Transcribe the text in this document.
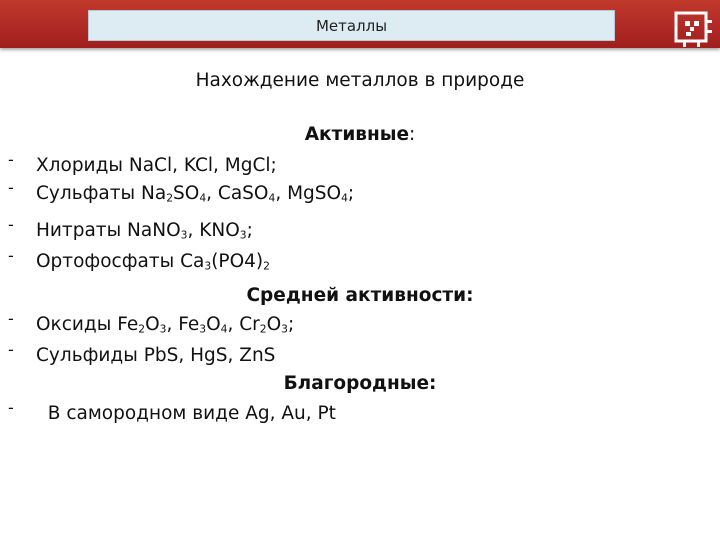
Металлы
Нахождение металлов в природе
Активные:
- Хлориды NaCl, KCl, MgCl;
- Сульфаты $Na_2SO_4$, CaSO$_4$, MgSO$_4$;
- Нитраты NaNO$_3$, $KNO_3$;
- Ортофосфаты $Ca_3(PO4)_2$
Средней активности:
- Оксиды $Fe_2O_3$, $Fe_3O_4$, $Cr_2O_3$;
- Сульфиды PbS, HgS, ZnS
Благородные:
- В самородном виде Ag, Au, Pt
